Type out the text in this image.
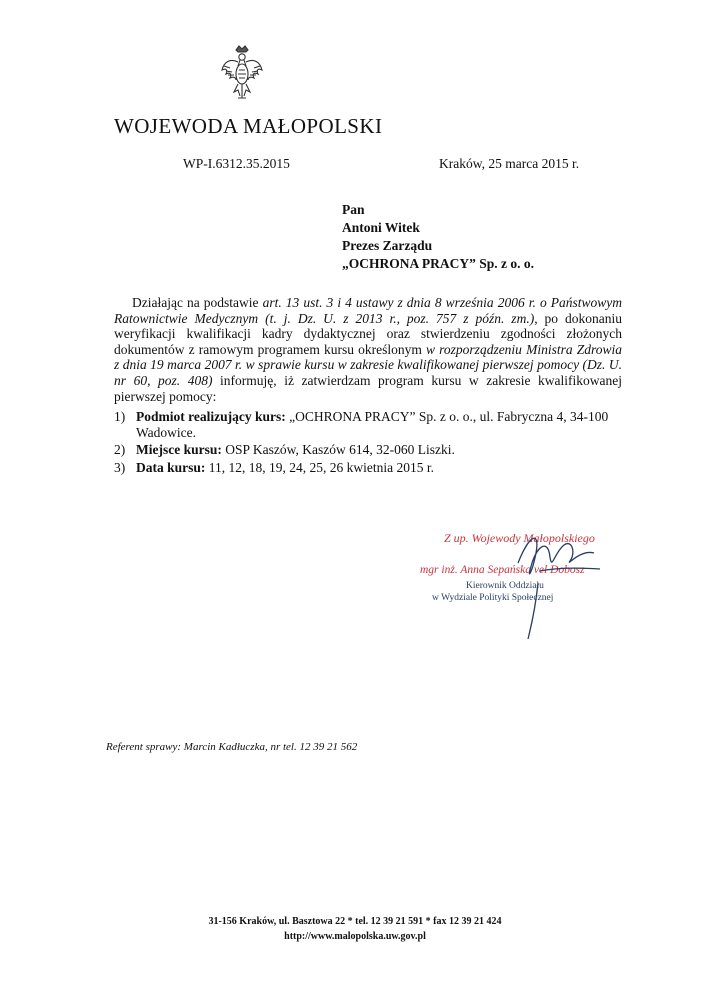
WOJEWODA MAŁOPOLSKI
WP-I.6312.35.2015	Kraków, 25 marca 2015 r.
Pan
Antoni Witek
Prezes Zarządu
„OCHRONA PRACY” Sp. z o. o.

Działając na podstawie art. 13 ust. 3 i 4 ustawy z dnia 8 września 2006 r. o Państwowym Ratownictwie Medycznym (t. j. Dz. U. z 2013 r., poz. 757 z późn. zm.), po dokonaniu weryfikacji kwalifikacji kadry dydaktycznej oraz stwierdzeniu zgodności złożonych dokumentów z ramowym programem kursu określonym w rozporządzeniu Ministra Zdrowia z dnia 19 marca 2007 r. w sprawie kursu w zakresie kwalifikowanej pierwszej pomocy (Dz. U. nr 60, poz. 408) informuję, iż zatwierdzam program kursu w zakresie kwalifikowanej pierwszej pomocy:

1) Podmiot realizujący kurs: „OCHRONA PRACY” Sp. z o. o., ul. Fabryczna 4, 34-100 Wadowice.
2) Miejsce kursu: OSP Kaszów, Kaszów 614, 32-060 Liszki.
3) Data kursu: 11, 12, 18, 19, 24, 25, 26 kwietnia 2015 r.
Z up. Wojewody Małopolskiego
mgr inż. Anna Sepańska vel Dobosz
Kierownik Oddziału
w Wydziale Polityki Społecznej
Referent sprawy: Marcin Kadłuczka, nr tel. 12 39 21 562
31-156 Kraków, ul. Basztowa 22 * tel. 12 39 21 591 * fax 12 39 21 424
http://www.malopolska.uw.gov.pl
